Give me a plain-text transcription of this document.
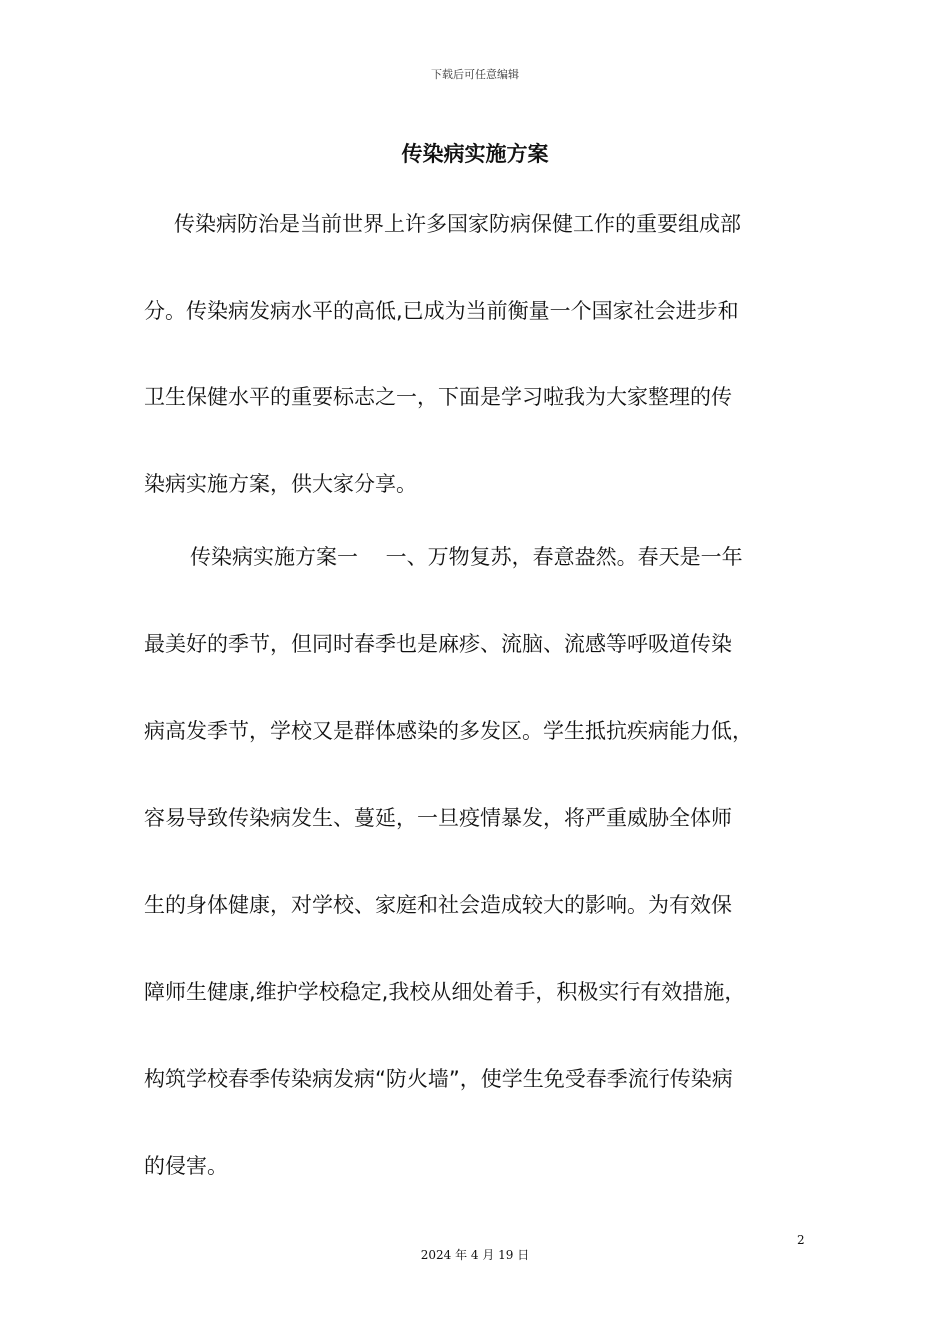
下载后可任意编辑
传染病实施方案
传染病防治是当前世界上许多国家防病保健工作的重要组成部
分。传染病发病水平的高低,已成为当前衡量一个国家社会进步和
卫生保健水平的重要标志之一，下面是学习啦我为大家整理的传
染病实施方案，供大家分享。
传染病实施方案一　 一、万物复苏，春意盎然。春天是一年
最美好的季节，但同时春季也是麻疹、流脑、流感等呼吸道传染
病高发季节，学校又是群体感染的多发区。学生抵抗疾病能力低，
容易导致传染病发生、蔓延，一旦疫情暴发，将严重威胁全体师
生的身体健康，对学校、家庭和社会造成较大的影响。为有效保
障师生健康,维护学校稳定,我校从细处着手，积极实行有效措施，
构筑学校春季传染病发病“防火墙”，使学生免受春季流行传染病
的侵害。
2
2024 年 4 月 19 日
